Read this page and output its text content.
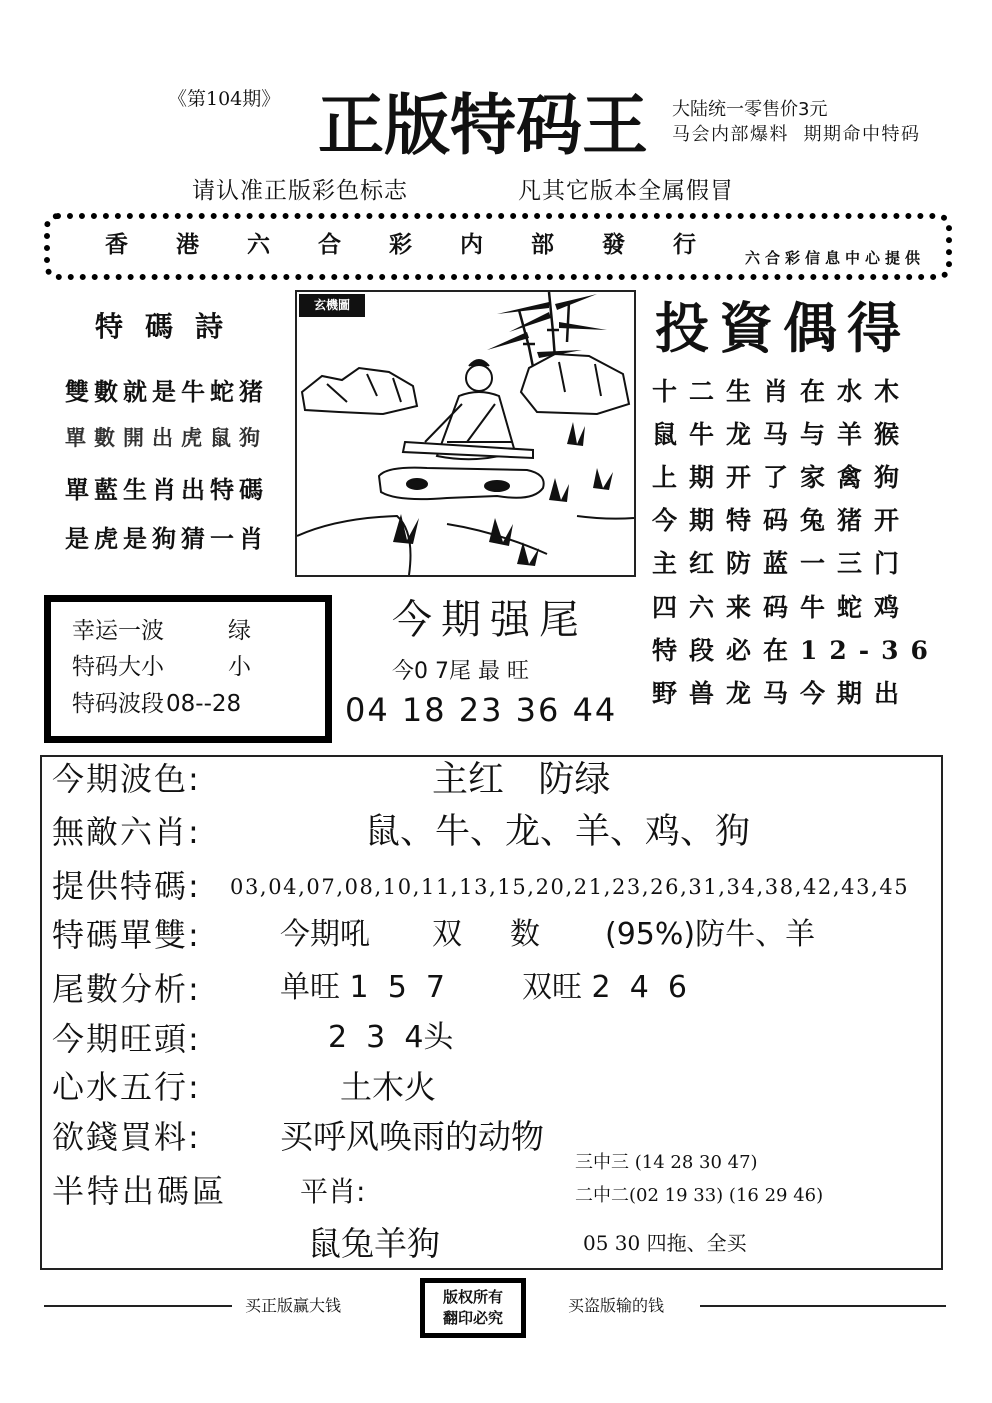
《第104期》 正版特码王 大陆统一零售价3元
马会内部爆料  期期命中特码
请认准正版彩色标志	凡其它版本全属假冒
香 港 六 合 彩 内 部 發 行 六合彩信息中心提供
特碼詩
雙數就是牛蛇猪
單數開出虎鼠狗
單藍生肖出特碼
是虎是狗猜一肖
玄機圖	投資偶得
十二生肖在水木
鼠牛龙马与羊猴
上期开了家禽狗
今期特码兔猪开
主红防蓝一三门
四六来码牛蛇鸡
特段必在12-36
野兽龙马今期出
幸运一波	绿
特码大小	小
特码波段 08--28
今期强尾
今0 7尾 最 旺
04 18 23 36 44
今期波色:	主红   防绿
無敵六肖:	鼠、牛、龙、羊、鸡、狗
提供特碼: 03,04,07,08,10,11,13,15,20,21,23,26,31,34,38,42,43,45
特碼單雙:	今期吼 双 数 (95%)防牛、羊
尾數分析:	单旺 1  5  7	双旺 2  4  6
今期旺頭:	2  3  4头
心水五行:	土木火
欲錢買料: 买呼风唤雨的动物
半特出碼區	平肖:
鼠兔羊狗
三中三 (14 28 30 47)
二中二(02 19 33) (16 29 46)
05 30 四拖、全买
买正版赢大钱	版权所有
翻印必究
买盗版输的钱
